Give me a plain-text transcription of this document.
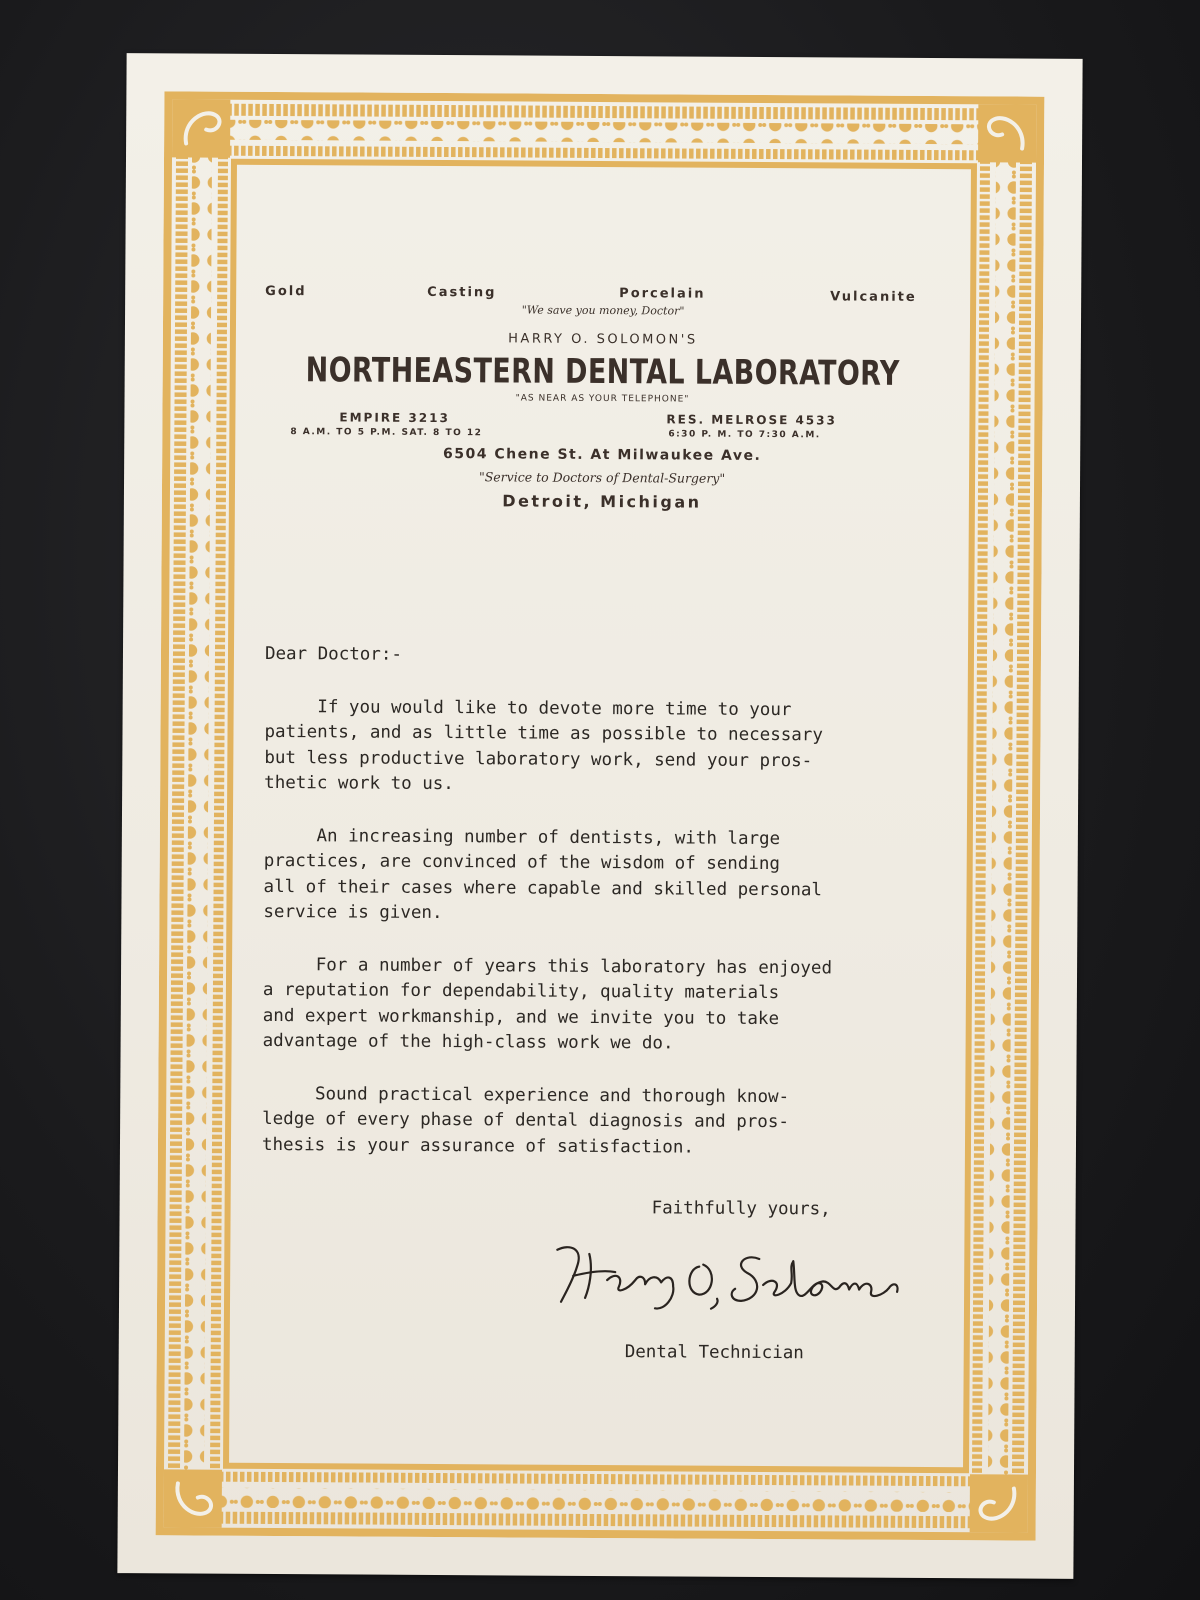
Gold	Casting	Porcelain	Vulcanite
"We save you money, Doctor"
HARRY O. SOLOMON'S
NORTHEASTERN DENTAL LABORATORY
"AS NEAR AS YOUR TELEPHONE"
EMPIRE 3213
8 A.M. TO 5 P.M. SAT. 8 TO 12
RES. MELROSE 4533
6:30 P. M. TO 7:30 A.M.
6504 Chene St. At Milwaukee Ave.
"Service to Doctors of Dental-Surgery"
Detroit, Michigan
Dear Doctor:-
If you would like to devote more time to your
patients, and as little time as possible to necessary
but less productive laboratory work, send your pros-
thetic work to us.
An increasing number of dentists, with large
practices, are convinced of the wisdom of sending
all of their cases where capable and skilled personal
service is given.
For a number of years this laboratory has enjoyed
a reputation for dependability, quality materials
and expert workmanship, and we invite you to take
advantage of the high-class work we do.
Sound practical experience and thorough know-
ledge of every phase of dental diagnosis and pros-
thesis is your assurance of satisfaction.
Faithfully yours,
Dental Technician
